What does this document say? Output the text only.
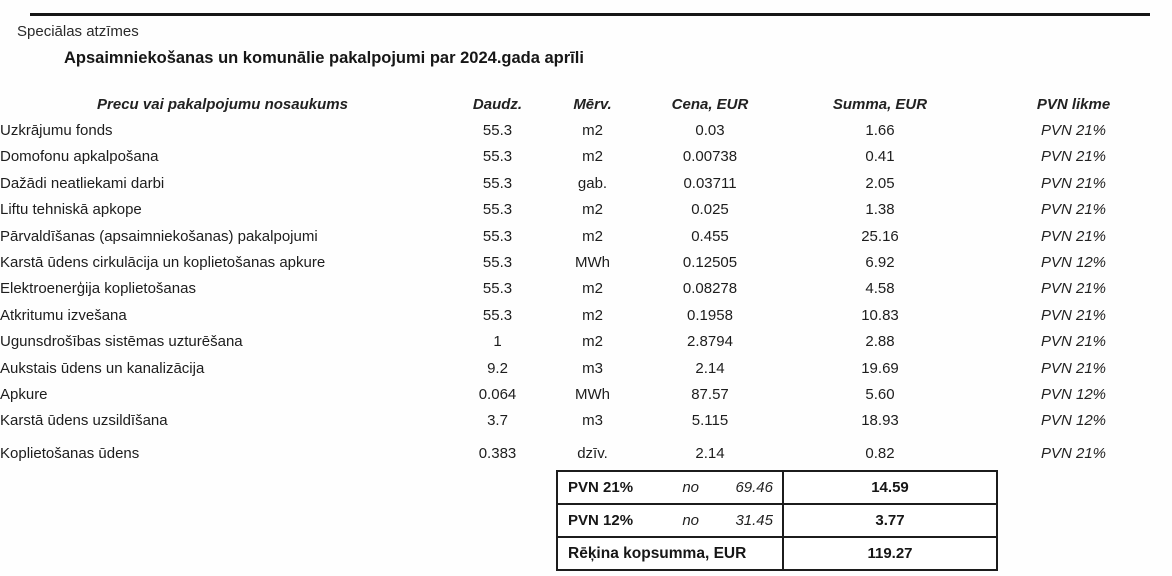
Speciālas atzīmes
Apsaimniekošanas un komunālie pakalpojumi par 2024.gada aprīli
Precu vai pakalpojumu nosaukums	Daudz.	Mērv.	Cena, EUR	Summa, EUR	PVN likme
Uzkrājumu fonds	55.3	m2	0.03	1.66	PVN 21%
Domofonu apkalpošana	55.3	m2	0.00738	0.41	PVN 21%
Dažādi neatliekami darbi	55.3	gab.	0.03711	2.05	PVN 21%
Liftu tehniskā apkope	55.3	m2	0.025	1.38	PVN 21%
Pārvaldīšanas (apsaimniekošanas) pakalpojumi	55.3	m2	0.455	25.16	PVN 21%
Karstā ūdens cirkulācija un koplietošanas apkure	55.3	MWh	0.12505	6.92	PVN 12%
Elektroenerģija koplietošanas	55.3	m2	0.08278	4.58	PVN 21%
Atkritumu izvešana	55.3	m2	0.1958	10.83	PVN 21%
Ugunsdrošības sistēmas uzturēšana	1	m2	2.8794	2.88	PVN 21%
Aukstais ūdens un kanalizācija	9.2	m3	2.14	19.69	PVN 21%
Apkure	0.064	MWh	87.57	5.60	PVN 12%
Karstā ūdens uzsildīšana	3.7	m3	5.115	18.93	PVN 12%
Koplietošanas ūdens	0.383	dzīv.	2.14	0.82	PVN 21%
PVN 21%	no	69.46	14.59
PVN 12%	no	31.45	3.77
Rēķina kopsumma, EUR	119.27
